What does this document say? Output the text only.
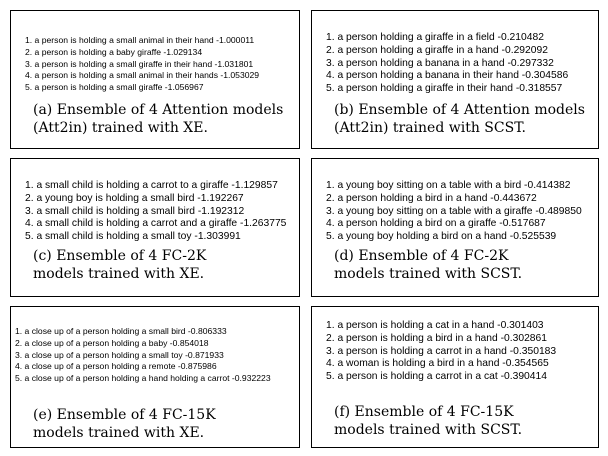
1. a person is holding a small animal in their hand -1.000011
2. a person is holding a baby giraffe -1.029134
3. a person is holding a small giraffe in their hand -1.031801
4. a person is holding a small animal in their hands -1.053029
5. a person is holding a small giraffe -1.056967
(a) Ensemble of 4 Attention models
(Att2in) trained with XE.
1. a person holding a giraffe in a field -0.210482
2. a person holding a giraffe in a hand -0.292092
3. a person holding a banana in a hand -0.297332
4. a person holding a banana in their hand -0.304586
5. a person holding a giraffe in their hand -0.318557
(b) Ensemble of 4 Attention models
(Att2in) trained with SCST.
1. a small child is holding a carrot to a giraffe -1.129857
2. a young boy is holding a small bird -1.192267
3. a small child is holding a small bird -1.192312
4. a small child is holding a carrot and a giraffe -1.263775
5. a small child is holding a small toy -1.303991
(c) Ensemble of 4 FC-2K
models trained with XE.
1. a young boy sitting on a table with a bird -0.414382
2. a person holding a bird in a hand -0.443672
3. a young boy sitting on a table with a giraffe -0.489850
4. a person holding a bird on a giraffe -0.517687
5. a young boy holding a bird on a hand -0.525539
(d) Ensemble of 4 FC-2K
models trained with SCST.
1. a close up of a person holding a small bird -0.806333
2. a close up of a person holding a baby -0.854018
3. a close up of a person holding a small toy -0.871933
4. a close up of a person holding a remote -0.875986
5. a close up of a person holding a hand holding a carrot -0.932223
(e) Ensemble of 4 FC-15K
models trained with XE.
1. a person is holding a cat in a hand -0.301403
2. a person is holding a bird in a hand -0.302861
3. a person is holding a carrot in a hand -0.350183
4. a woman is holding a bird in a hand -0.354565
5. a person is holding a carrot in a cat -0.390414
(f) Ensemble of 4 FC-15K
models trained with SCST.
